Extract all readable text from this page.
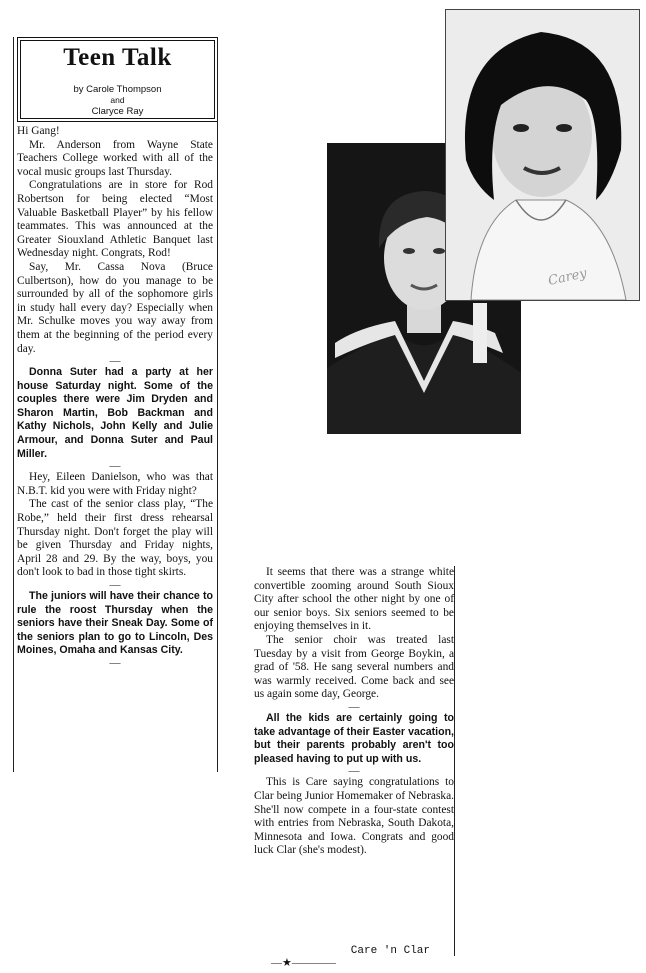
Teen Talk
by Carole Thompson
and
Claryce Ray

Hi Gang!

Mr. Anderson from Wayne State Teachers College worked with all of the vocal music groups last Thursday.

Congratulations are in store for Rod Robertson for being elected “Most Valuable Basketball Player” by his fellow teammates. This was announced at the Greater Siouxland Athletic Banquet last Wednesday night. Congrats, Rod!

Say, Mr. Cassa Nova (Bruce Culbertson), how do you manage to be surrounded by all of the sophomore girls in study hall every day? Especially when Mr. Schulke moves you way away from them at the beginning of the period every day.

—

Donna Suter had a party at her house Saturday night. Some of the couples there were Jim Dryden and Sharon Martin, Bob Backman and Kathy Nichols, John Kelly and Julie Armour, and Donna Suter and Paul Miller.

—

Hey, Eileen Danielson, who was that N.B.T. kid you were with Friday night?

The cast of the senior class play, “The Robe,” held their first dress rehearsal Thursday night. Don't forget the play will be given Thursday and Friday nights, April 28 and 29. By the way, boys, you don't look to bad in those tight skirts.

—

The juniors will have their chance to rule the roost Thursday when the seniors have their Sneak Day. Some of the seniors plan to go to Lincoln, Des Moines, Omaha and Kansas City.

—
Carey

It seems that there was a strange white convertible zooming around South Sioux City after school the other night by one of our senior boys. Six seniors seemed to be enjoying themselves in it.

The senior choir was treated last Tuesday by a visit from George Boykin, a grad of '58. He sang several numbers and was warmly received. Come back and see us again some day, George.

—

All the kids are certainly going to take advantage of their Easter vacation, but their parents probably aren't too pleased having to put up with us.

—

This is Care saying congratulations to Clar being Junior Homemaker of Nebraska. She'll now compete in a four-state contest with entries from Nebraska, South Dakota, Minnesota and Iowa. Congrats and good luck Clar (she's modest).

Care 'n Clar
—★————
